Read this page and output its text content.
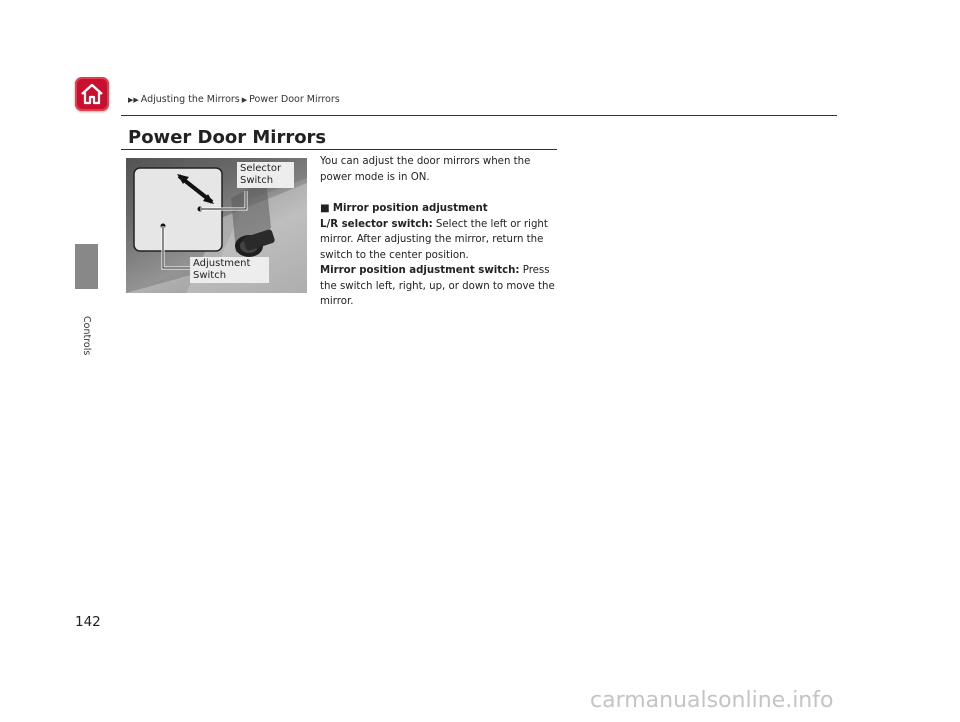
▶▶ Adjusting the Mirrors ▶ Power Door Mirrors
Controls
Power Door Mirrors
Selector Switch
Adjustment Switch

You can adjust the door mirrors when the power mode is in ON.

■ Mirror position adjustment

L/R selector switch: Select the left or right mirror. After adjusting the mirror, return the switch to the center position.

Mirror position adjustment switch: Press the switch left, right, up, or down to move the mirror.

142
carmanualsonline.info
